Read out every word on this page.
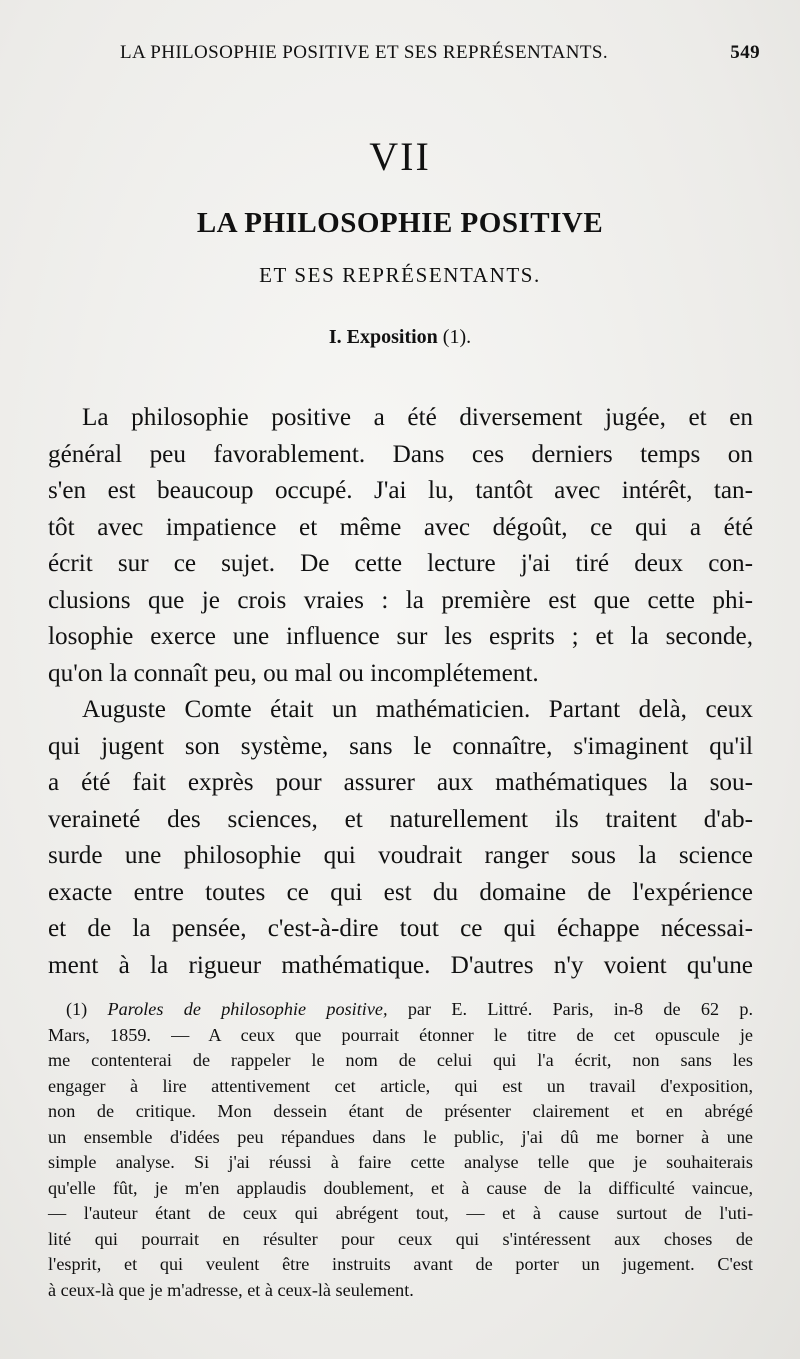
LA PHILOSOPHIE POSITIVE ET SES REPRÉSENTANTS.	549
VII
LA PHILOSOPHIE POSITIVE
ET SES REPRÉSENTANTS.
I. Exposition (1).
La philosophie positive a été diversement jugée, et en
général peu favorablement. Dans ces derniers temps on
s'en est beaucoup occupé. J'ai lu, tantôt avec intérêt, tan-
tôt avec impatience et même avec dégoût, ce qui a été
écrit sur ce sujet. De cette lecture j'ai tiré deux con-
clusions que je crois vraies : la première est que cette phi-
losophie exerce une influence sur les esprits ; et la seconde,
qu'on la connaît peu, ou mal ou incomplétement.
Auguste Comte était un mathématicien. Partant delà, ceux
qui jugent son système, sans le connaître, s'imaginent qu'il
a été fait exprès pour assurer aux mathématiques la sou-
veraineté des sciences, et naturellement ils traitent d'ab-
surde une philosophie qui voudrait ranger sous la science
exacte entre toutes ce qui est du domaine de l'expérience
et de la pensée, c'est-à-dire tout ce qui échappe nécessai-
ment à la rigueur mathématique. D'autres n'y voient qu'une
(1) Paroles de philosophie positive, par E. Littré. Paris, in-8 de 62 p.
Mars, 1859. — A ceux que pourrait étonner le titre de cet opuscule je
me contenterai de rappeler le nom de celui qui l'a écrit, non sans les
engager à lire attentivement cet article, qui est un travail d'exposition,
non de critique. Mon dessein étant de présenter clairement et en abrégé
un ensemble d'idées peu répandues dans le public, j'ai dû me borner à une
simple analyse. Si j'ai réussi à faire cette analyse telle que je souhaiterais
qu'elle fût, je m'en applaudis doublement, et à cause de la difficulté vaincue,
— l'auteur étant de ceux qui abrégent tout, — et à cause surtout de l'uti-
lité qui pourrait en résulter pour ceux qui s'intéressent aux choses de
l'esprit, et qui veulent être instruits avant de porter un jugement. C'est
à ceux-là que je m'adresse, et à ceux-là seulement.
